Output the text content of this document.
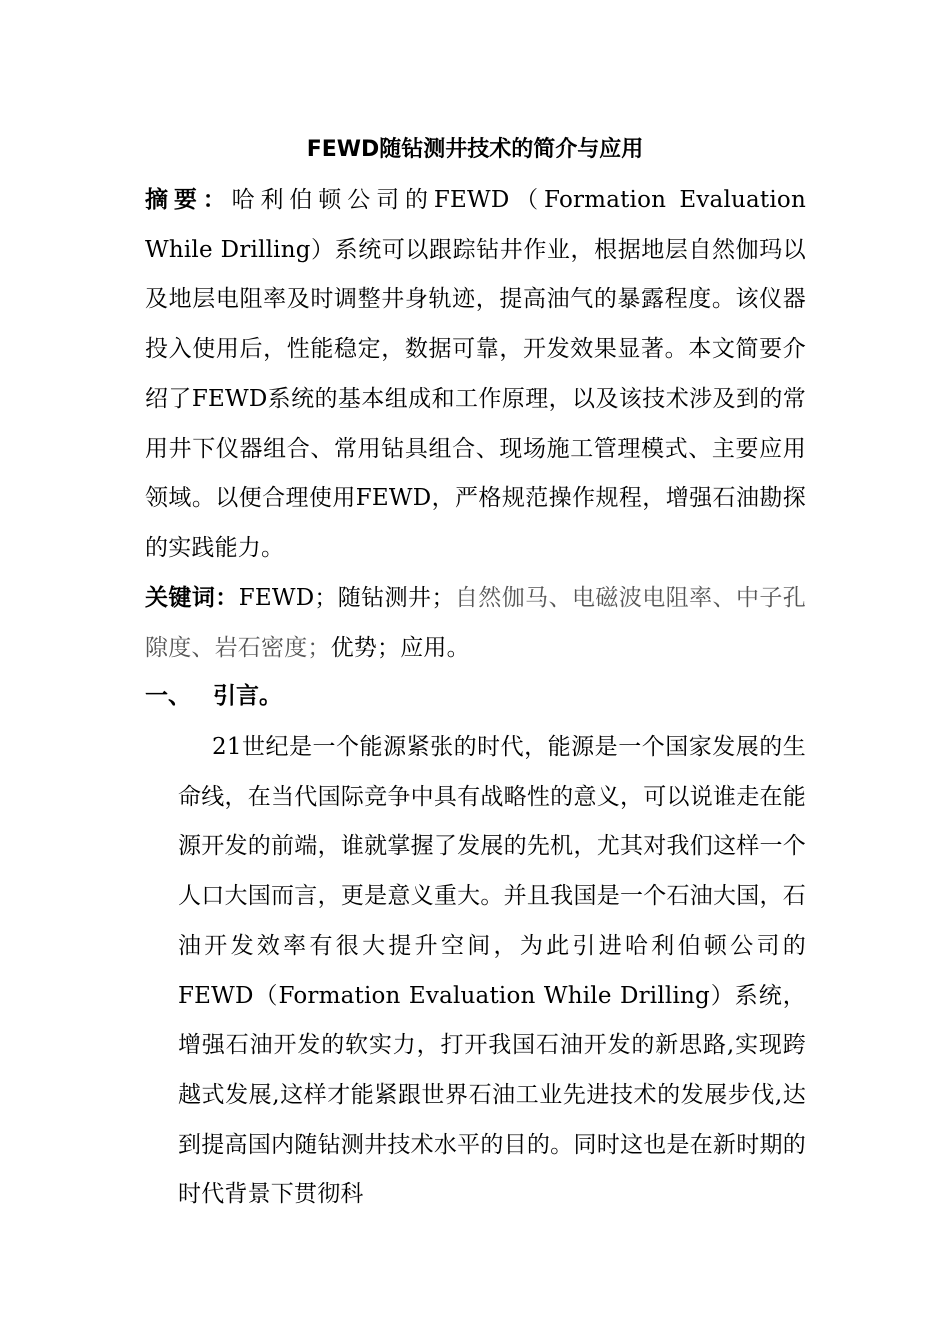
FEWD随钻测井技术的简介与应用

摘要：哈利伯顿公司的FEWD（Formation Evaluation While Drilling）系统可以跟踪钻井作业，根据地层自然伽玛以及地层电阻率及时调整井身轨迹，提高油气的暴露程度。该仪器投入使用后，性能稳定，数据可靠，开发效果显著。本文简要介绍了FEWD系统的基本组成和工作原理，以及该技术涉及到的常用井下仪器组合、常用钻具组合、现场施工管理模式、主要应用领域。以便合理使用FEWD，严格规范操作规程，增强石油勘探的实践能力。

关键词：FEWD；随钻测井；自然伽马、电磁波电阻率、中子孔隙度、岩石密度；优势；应用。

一、 引言。

21世纪是一个能源紧张的时代，能源是一个国家发展的生命线，在当代国际竞争中具有战略性的意义，可以说谁走在能源开发的前端，谁就掌握了发展的先机，尤其对我们这样一个人口大国而言，更是意义重大。并且我国是一个石油大国，石油开发效率有很大提升空间，为此引进哈利伯顿公司的FEWD（Formation Evaluation While Drilling）系统，增强石油开发的软实力，打开我国石油开发的新思路,实现跨越式发展,这样才能紧跟世界石油工业先进技术的发展步伐,达到提高国内随钻测井技术水平的目的。同时这也是在新时期的时代背景下贯彻科
